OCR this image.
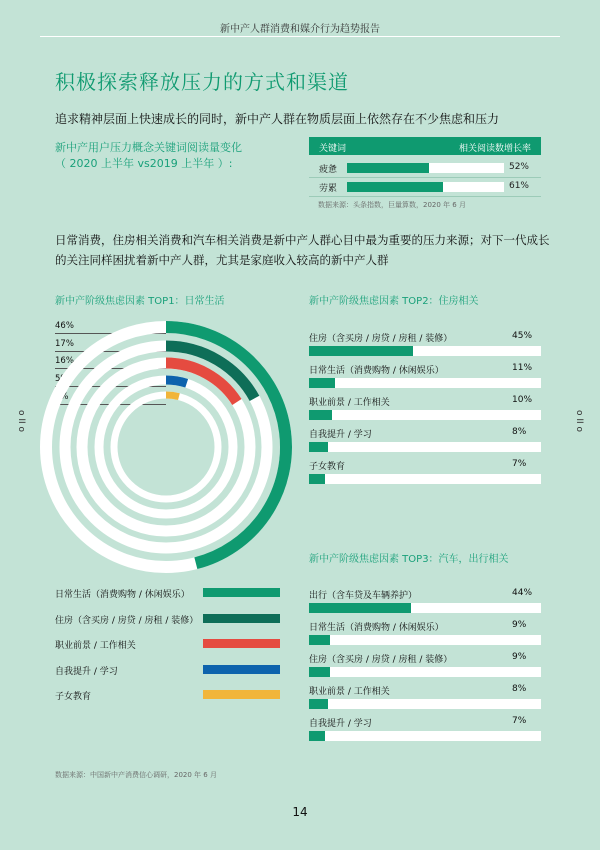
新中产人群消费和媒介行为趋势报告
积极探索释放压力的方式和渠道
追求精神层面上快速成长的同时，新中产人群在物质层面上依然存在不少焦虑和压力
新中产用户压力概念关键词阅读量变化
（ 2020 上半年 vs2019 上半年 ）:
关键词	相关阅读数增长率
疲惫	52%
劳累	61%
数据来源：头条指数，巨量算数，2020 年 6 月
日常消费，住房相关消费和汽车相关消费是新中产人群心目中最为重要的压力来源；对下一代成长的关注同样困扰着新中产人群，尤其是家庭收入较高的新中产人群
新中产阶级焦虑因素 TOP1：日常生活
46%
17%
16%
5%
4%
日常生活（消费购物 / 休闲娱乐）
住房（含买房 / 房贷 / 房租 / 装修）
职业前景 / 工作相关
自我提升 / 学习
子女教育
新中产阶级焦虑因素 TOP2：住房相关
住房（含买房 / 房贷 / 房租 / 装修）	45%
日常生活（消费购物 / 休闲娱乐）	11%
职业前景 / 工作相关	10%
自我提升 / 学习	8%
子女教育	7%
新中产阶级焦虑因素 TOP3：汽车，出行相关
出行（含车贷及车辆养护）	44%
日常生活（消费购物 / 休闲娱乐）	9%
住房（含买房 / 房贷 / 房租 / 装修）	9%
职业前景 / 工作相关	8%
自我提升 / 学习	7%
o II o	o II o
数据来源：中国新中产消费信心调研，2020 年 6 月
14
